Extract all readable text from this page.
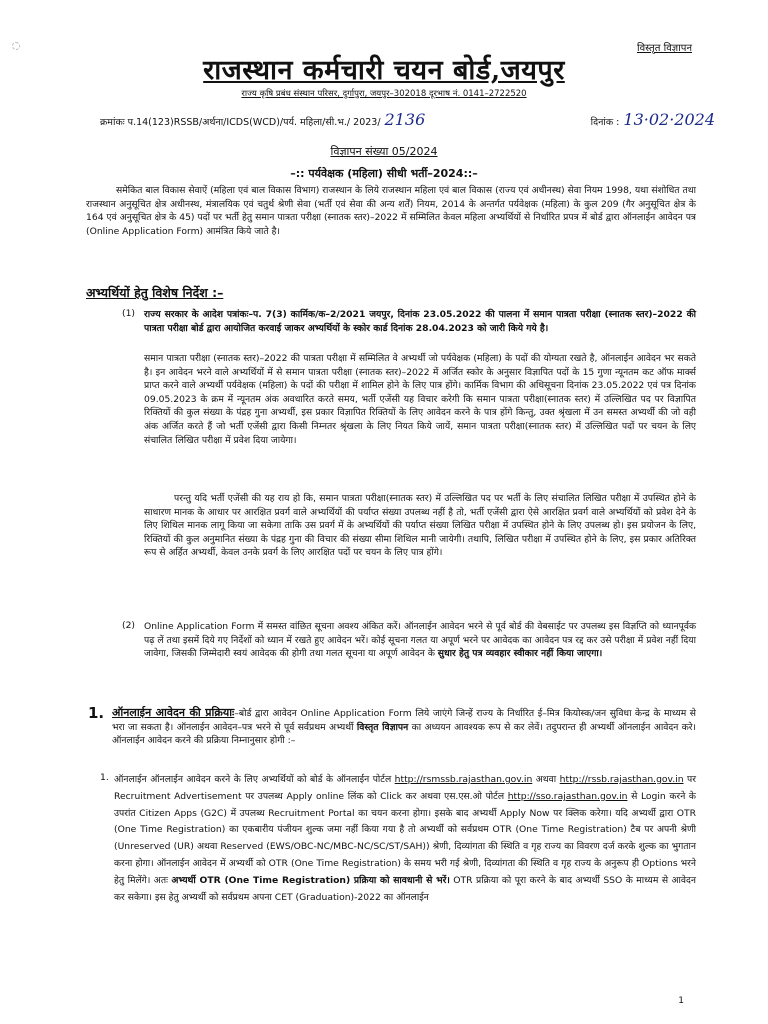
विस्तृत विज्ञापन
राजस्थान कर्मचारी चयन बोर्ड,जयपुर
राज्य कृषि प्रबंध संस्थान परिसर, दुर्गापुरा, जयपुर–302018 दूरभाष नं. 0141–2722520
क्रमांकः प.14(123)RSSB/अर्थना/ICDS(WCD)/पर्य. महिला/सी.भ./ 2023/ 2136	दिनांक : 13·02·2024
विज्ञापन संख्या 05/2024
–:: पर्यवेक्षक (महिला) सीधी भर्ती–2024::–

समेकित बाल विकास सेवाऐं (महिला एवं बाल विकास विभाग) राजस्थान के लिये राजस्थान महिला एवं बाल विकास (राज्य एवं अधीनस्थ) सेवा नियम 1998, यथा संशोधित तथा राजस्थान अनुसूचित क्षेत्र अधीनस्थ, मंत्रालयिक एवं चतुर्थ श्रेणी सेवा (भर्ती एवं सेवा की अन्य शर्तें) नियम, 2014 के अन्तर्गत पर्यवेक्षक (महिला) के कुल 209 (गैर अनुसूचित क्षेत्र के 164 एवं अनुसूचित क्षेत्र के 45) पदों पर भर्ती हेतु समान पात्रता परीक्षा (स्नातक स्तर)–2022 में सम्मिलित केवल महिला अभ्यर्थियों से निर्धारित प्रपत्र में बोर्ड द्वारा ऑनलाईन आवेदन पत्र (Online Application Form) आमंत्रित किये जाते है।

अभ्यर्थियों हेतु विशेष निर्देश :–
(1) राज्य सरकार के आदेश पत्रांकः–प. 7(3) कार्मिक/क–2/2021 जयपुर, दिनांक 23.05.2022 की पालना में समान पात्रता परीक्षा (स्नातक स्तर)–2022 की पात्रता परीक्षा बोर्ड द्वारा आयोजित करवाई जाकर अभ्यर्थियों के स्कोर कार्ड दिनांक 28.04.2023 को जारी किये गये है।

समान पात्रता परीक्षा (स्नातक स्तर)–2022 की पात्रता परीक्षा में सम्मिलित वे अभ्यर्थी जो पर्यवेक्षक (महिला) के पदों की योग्यता रखते है, ऑनलाईन आवेदन भर सकते है। इन आवेदन भरने वाले अभ्यर्थियों में से समान पात्रता परीक्षा (स्नातक स्तर)–2022 में अर्जित स्कोर के अनुसार विज्ञापित पदों के 15 गुणा न्यूनतम कट ऑफ मार्क्स प्राप्त करने वाले अभ्यर्थी पर्यवेक्षक (महिला) के पदों की परीक्षा में शामिल होने के लिए पात्र होंगे। कार्मिक विभाग की अधिसूचना दिनांक 23.05.2022 एवं पत्र दिनांक 09.05.2023 के क्रम में न्यूनतम अंक अवधारित करते समय, भर्ती एजेंसी यह विचार करेगी कि समान पात्रता परीक्षा(स्नातक स्तर) में उल्लिखित पद पर विज्ञापित रिक्तियों की कुल संख्या के पंद्रह गुना अभ्यर्थी, इस प्रकार विज्ञापित रिक्तियों के लिए आवेदन करने के पात्र होंगे किन्तु, उक्त श्रृंखला में उन समस्त अभ्यर्थी की जो वही अंक अर्जित करते हैं जो भर्ती एजेंसी द्वारा किसी निम्नतर श्रृंखला के लिए नियत किये जायें, समान पात्रता परीक्षा(स्नातक स्तर) में उल्लिखित पदों पर चयन के लिए संचालित लिखित परीक्षा में प्रवेश दिया जायेगा।

परन्तु यदि भर्ती एजेंसी की यह राय हो कि, समान पात्रता परीक्षा(स्नातक स्तर) में उल्लिखित पद पर भर्ती के लिए संचालित लिखित परीक्षा में उपस्थित होने के साधारण मानक के आधार पर आरक्षित प्रवर्ग वाले अभ्यर्थियों की पर्याप्त संख्या उपलब्ध नहीं है तो, भर्ती एजेंसी द्वारा ऐसे आरक्षित प्रवर्ग वाले अभ्यर्थियों को प्रवेश देने के लिए शिथिल मानक लागू किया जा सकेगा ताकि उस प्रवर्ग में के अभ्यर्थियों की पर्याप्त संख्या लिखित परीक्षा में उपस्थित होने के लिए उपलब्ध हो। इस प्रयोजन के लिए, रिक्तियों की कुल अनुमानित संख्या के पंद्रह गुना की विचार की संख्या सीमा शिथिल मानी जायेगी। तथापि, लिखित परीक्षा में उपस्थित होने के लिए, इस प्रकार अतिरिक्त रूप से अर्हित अभ्यर्थी, केवल उनके प्रवर्ग के लिए आरक्षित पदों पर चयन के लिए पात्र होंगे।

(2) Online Application Form में समस्त वांछित सूचना अवश्य अंकित करें। ऑनलाईन आवेदन भरने से पूर्व बोर्ड की वेबसाईट पर उपलब्ध इस विज्ञप्ति को ध्यानपूर्वक पढ़ लें तथा इसमें दिये गए निर्देशों को ध्यान में रखते हुए आवेदन भरें। कोई सूचना गलत या अपूर्ण भरने पर आवेदक का आवेदन पत्र रद्द कर उसे परीक्षा में प्रवेश नहीं दिया जावेगा, जिसकी जिम्मेदारी स्वयं आवेदक की होगी तथा गलत सूचना या अपूर्ण आवेदन के सुधार हेतु पत्र व्यवहार स्वीकार नहीं किया जाएगा।

1. ऑनलाईन आवेदन की प्रक्रियाः–बोर्ड द्वारा आवेदन Online Application Form लिये जाएंगे जिन्हें राज्य के निर्धारित ई–मित्र कियोस्क/जन सुविधा केन्द्र के माध्यम से भरा जा सकता है। ऑनलाईन आवेदन–पत्र भरने से पूर्व सर्वप्रथम अभ्यर्थी विस्तृत विज्ञापन का अध्ययन आवश्यक रूप से कर लेवें। तदुपरान्त ही अभ्यर्थी ऑनलाईन आवेदन करे। ऑनलाईन आवेदन करने की प्रक्रिया निम्नानुसार होगी :–

1. ऑनलाईन ऑनलाईन आवेदन करने के लिए अभ्यर्थियों को बोर्ड के ऑनलाईन पोर्टल http://rsmssb.rajasthan.gov.in अथवा http://rssb.rajasthan.gov.in पर Recruitment Advertisement पर उपलब्ध Apply online लिंक को Click कर अथवा एस.एस.ओ पोर्टल http://sso.rajasthan.gov.in से Login करने के उपरांत Citizen Apps (G2C) में उपलब्ध Recruitment Portal का चयन करना होगा। इसके बाद अभ्यर्थी Apply Now पर क्लिक करेगा। यदि अभ्यर्थी द्वारा OTR (One Time Registration) का एकबारीय पंजीयन शुल्क जमा नहीं किया गया है तो अभ्यर्थी को सर्वप्रथम OTR (One Time Registration) टैब पर अपनी श्रेणी (Unreserved (UR) अथवा Reserved (EWS/OBC-NC/MBC-NC/SC/ST/SAH)) श्रेणी, दिव्यांगता की स्थिति व गृह राज्य का विवरण दर्ज करके शुल्क का भुगतान करना होगा। ऑनलाईन आवेदन में अभ्यर्थी को OTR (One Time Registration) के समय भरी गई श्रेणी, दिव्यांगता की स्थिति व गृह राज्य के अनुरूप ही Options भरने हेतु मिलेंगे। अतः अभ्यर्थी OTR (One Time Registration) प्रक्रिया को सावधानी से भरें। OTR प्रक्रिया को पूरा करने के बाद अभ्यर्थी SSO के माध्यम से आवेदन कर सकेगा। इस हेतु अभ्यर्थी को सर्वप्रथम अपना CET (Graduation)-2022 का ऑनलाईन

1
